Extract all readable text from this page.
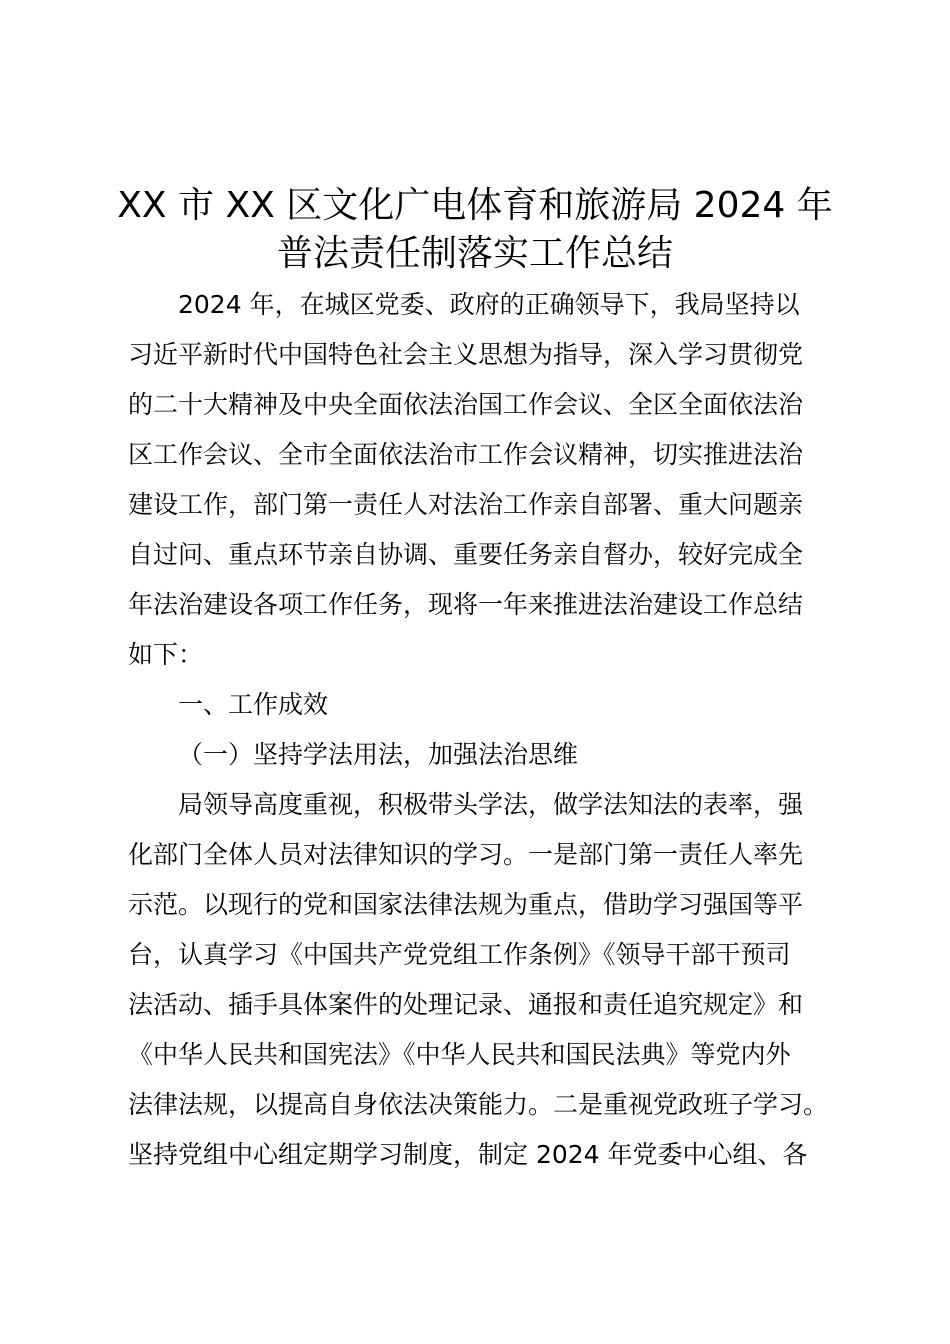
XX 市 XX 区文化广电体育和旅游局 2024 年
普法责任制落实工作总结
2024 年，在城区党委、政府的正确领导下，我局坚持以
习近平新时代中国特色社会主义思想为指导，深入学习贯彻党
的二十大精神及中央全面依法治国工作会议、全区全面依法治
区工作会议、全市全面依法治市工作会议精神，切实推进法治
建设工作，部门第一责任人对法治工作亲自部署、重大问题亲
自过问、重点环节亲自协调、重要任务亲自督办，较好完成全
年法治建设各项工作任务，现将一年来推进法治建设工作总结
如下：
一、工作成效
（一）坚持学法用法，加强法治思维
局领导高度重视，积极带头学法，做学法知法的表率，强
化部门全体人员对法律知识的学习。一是部门第一责任人率先
示范。以现行的党和国家法律法规为重点，借助学习强国等平
台，认真学习《中国共产党党组工作条例》《领导干部干预司
法活动、插手具体案件的处理记录、通报和责任追究规定》和
《中华人民共和国宪法》《中华人民共和国民法典》等党内外
法律法规，以提高自身依法决策能力。二是重视党政班子学习。
坚持党组中心组定期学习制度，制定 2024 年党委中心组、各
